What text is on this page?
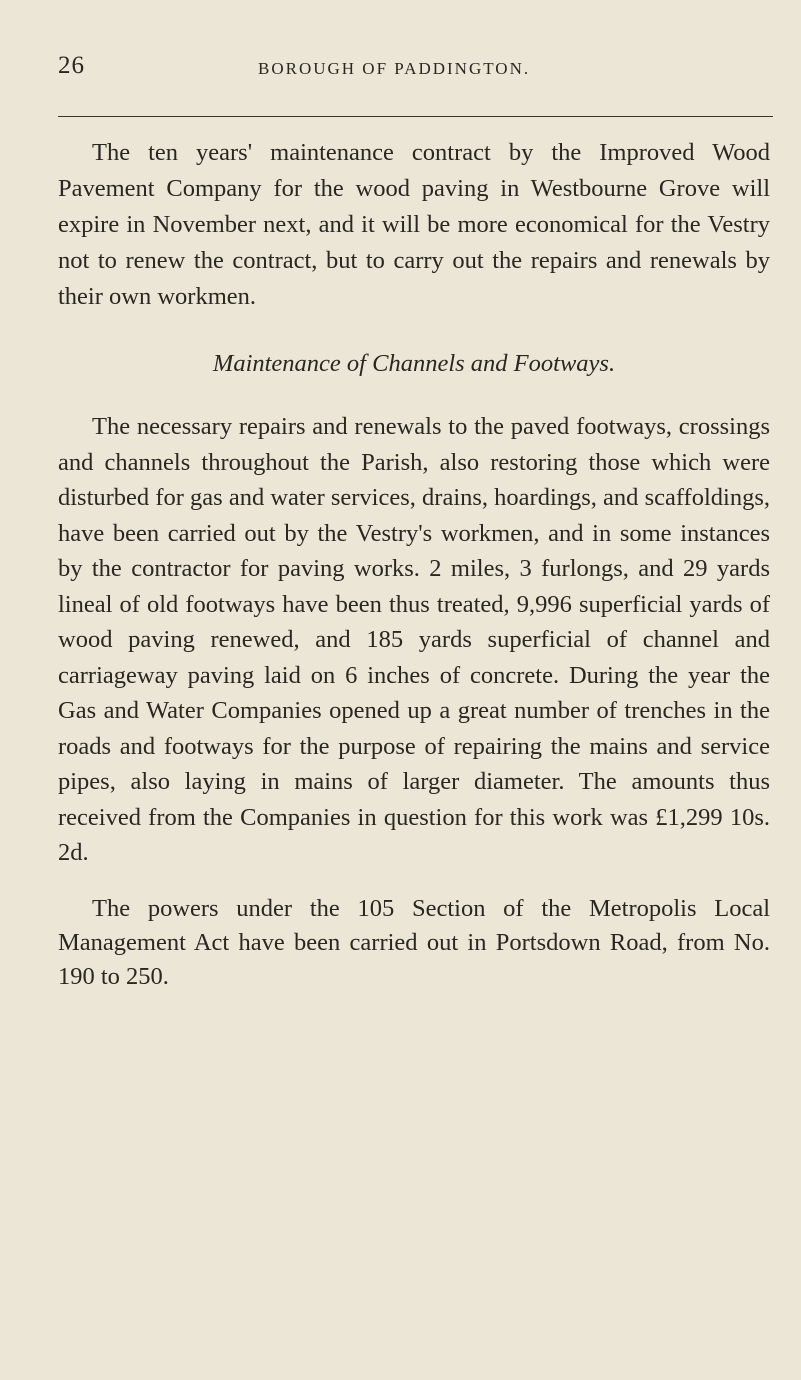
26	BOROUGH OF PADDINGTON.

The ten years' maintenance contract by the Improved Wood Pavement Company for the wood paving in Westbourne Grove will expire in November next, and it will be more economical for the Vestry not to renew the contract, but to carry out the repairs and renewals by their own workmen.

Maintenance of Channels and Footways.

The necessary repairs and renewals to the paved footways, crossings and channels throughout the Parish, also restoring those which were disturbed for gas and water services, drains, hoardings, and scaffoldings, have been carried out by the Vestry's workmen, and in some instances by the contractor for paving works. 2 miles, 3 furlongs, and 29 yards lineal of old footways have been thus treated, 9,996 superficial yards of wood paving renewed, and 185 yards superficial of channel and carriageway paving laid on 6 inches of concrete. During the year the Gas and Water Companies opened up a great number of trenches in the roads and footways for the purpose of repairing the mains and service pipes, also laying in mains of larger diameter. The amounts thus received from the Companies in question for this work was £1,299 10s. 2d.

The powers under the 105 Section of the Metropolis Local Management Act have been carried out in Portsdown Road, from No. 190 to 250.
